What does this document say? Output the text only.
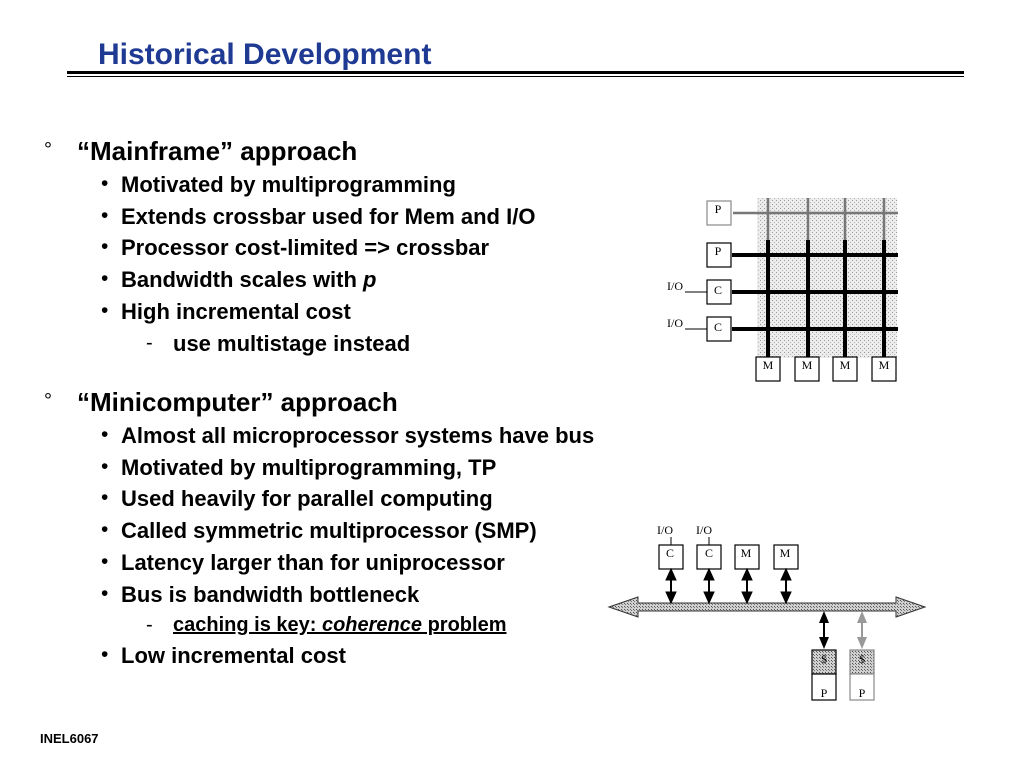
Historical Development
° “Mainframe” approach
• Motivated by multiprogramming
• Extends crossbar used for Mem and I/O
• Processor cost-limited => crossbar
• Bandwidth scales with p
• High incremental cost
- use multistage instead
° “Minicomputer” approach
• Almost all microprocessor systems have bus
• Motivated by multiprogramming, TP
• Used heavily for parallel computing
• Called symmetric multiprocessor (SMP)
• Latency larger than for uniprocessor
• Bus is bandwidth bottleneck
- caching is key: coherence problem
• Low incremental cost
INEL6067
P
P
C
C
I/O
I/O
M M M M
C	C M M
I/O I/O
$	$
P	P
